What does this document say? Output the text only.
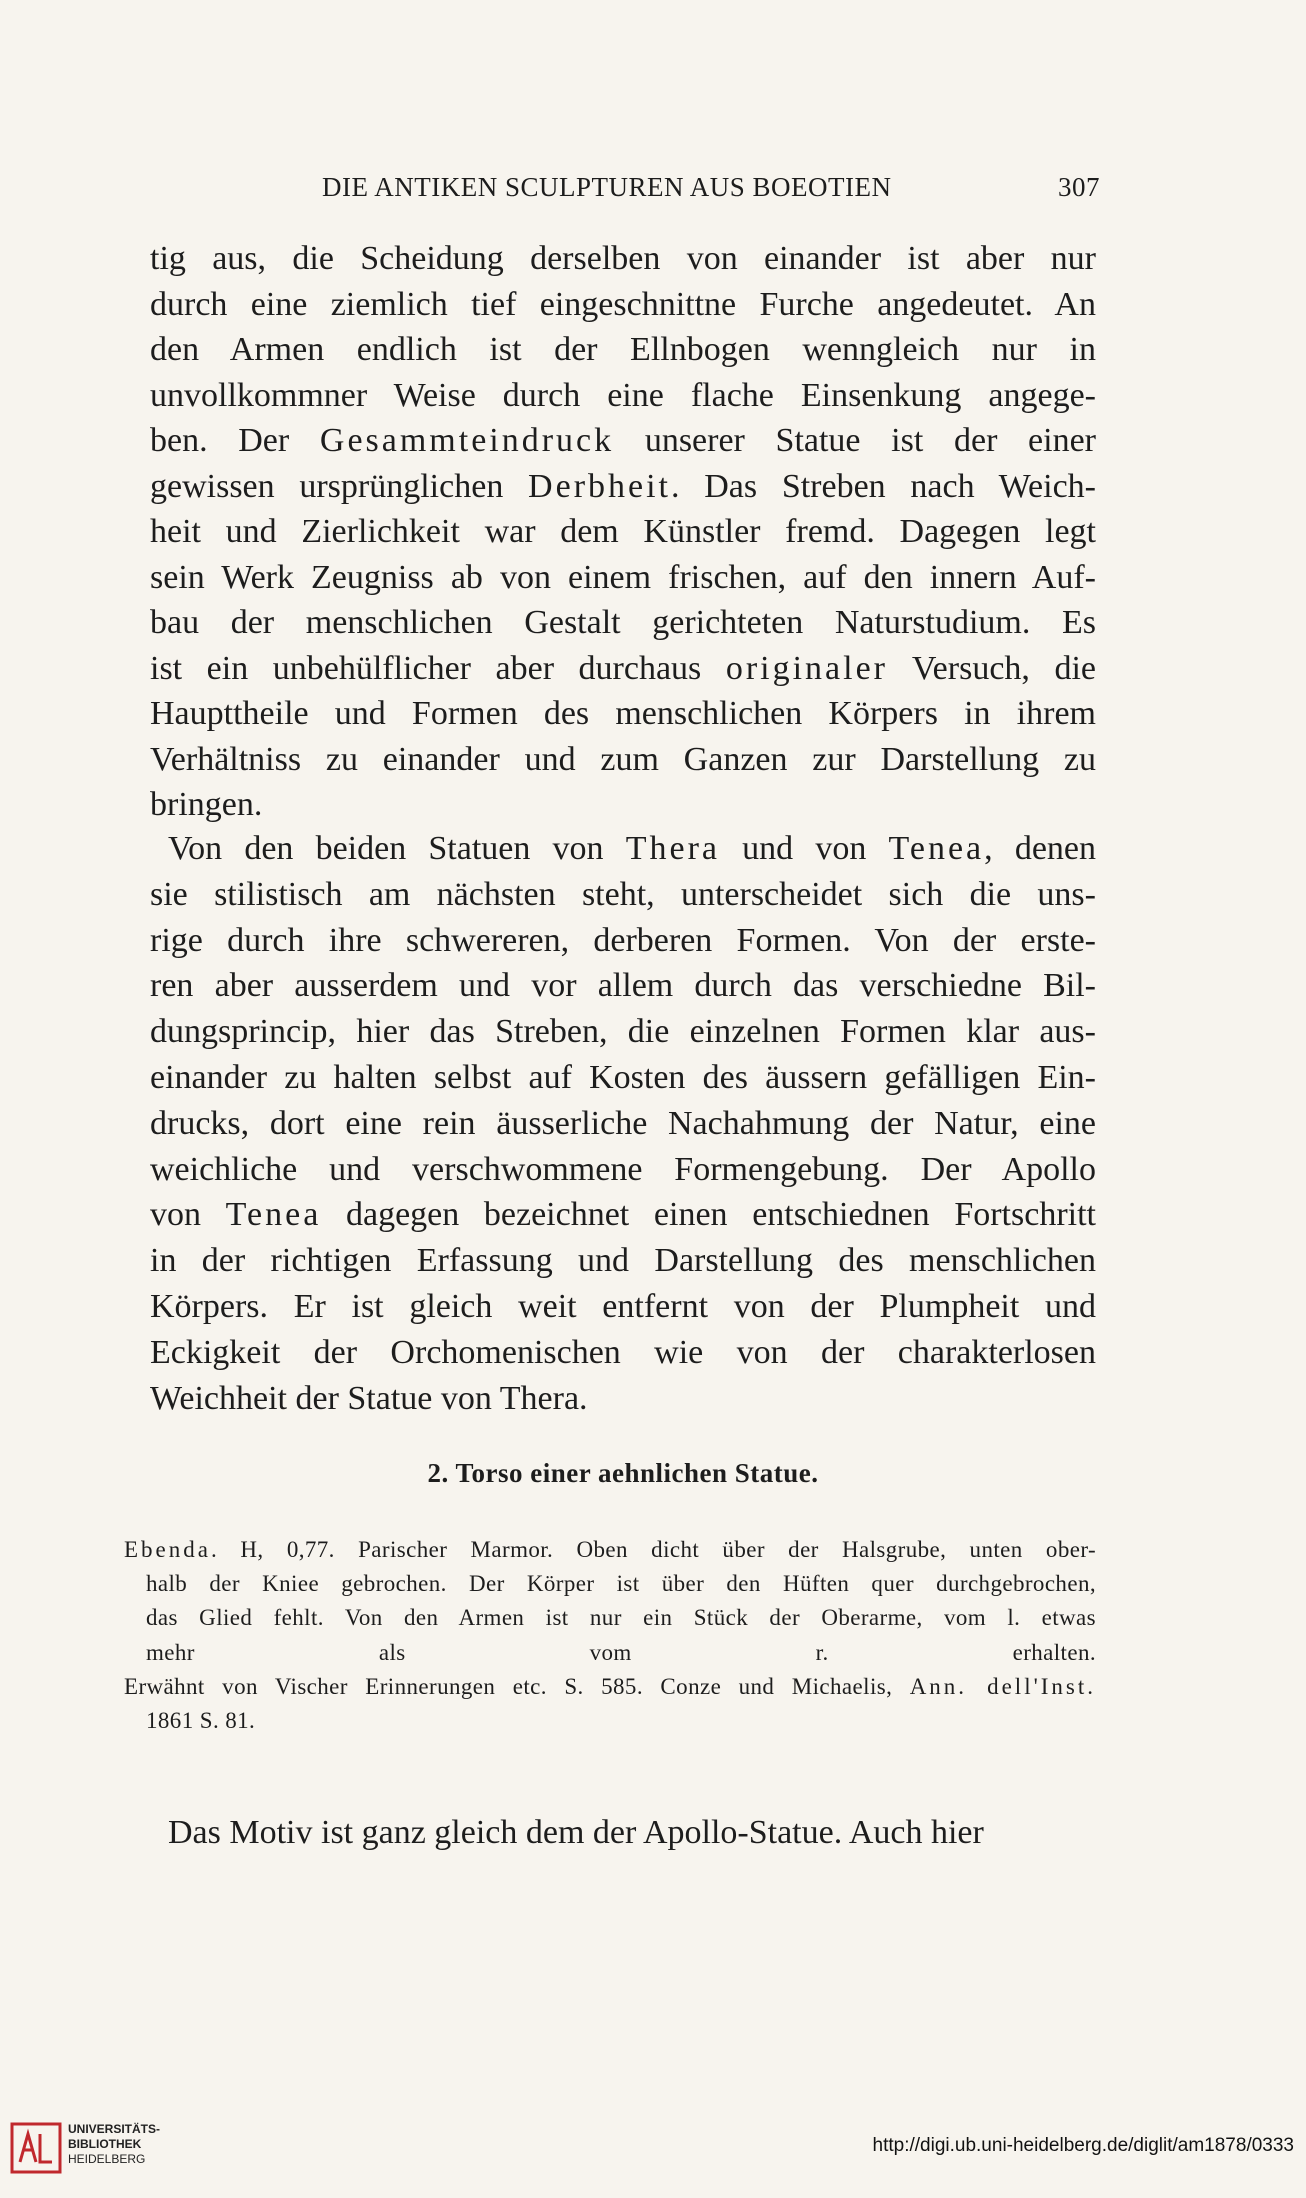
DIE ANTIKEN SCULPTUREN AUS BOEOTIEN	307
tig aus, die Scheidung derselben von einander ist aber nur
durch eine ziemlich tief eingeschnittne Furche angedeutet. An
den Armen endlich ist der Ellnbogen wenngleich nur in
unvollkommner Weise durch eine flache Einsenkung angege-
ben. Der Gesammteindruck unserer Statue ist der einer
gewissen ursprünglichen Derbheit. Das Streben nach Weich-
heit und Zierlichkeit war dem Künstler fremd. Dagegen legt
sein Werk Zeugniss ab von einem frischen, auf den innern Auf-
bau der menschlichen Gestalt gerichteten Naturstudium. Es
ist ein unbehülflicher aber durchaus originaler Versuch, die
Haupttheile und Formen des menschlichen Körpers in ihrem
Verhältniss zu einander und zum Ganzen zur Darstellung zu
bringen.
Von den beiden Statuen von Thera und von Tenea, denen
sie stilistisch am nächsten steht, unterscheidet sich die uns-
rige durch ihre schwereren, derberen Formen. Von der erste-
ren aber ausserdem und vor allem durch das verschiedne Bil-
dungsprincip, hier das Streben, die einzelnen Formen klar aus-
einander zu halten selbst auf Kosten des äussern gefälligen Ein-
drucks, dort eine rein äusserliche Nachahmung der Natur, eine
weichliche und verschwommene Formengebung. Der Apollo
von Tenea dagegen bezeichnet einen entschiednen Fortschritt
in der richtigen Erfassung und Darstellung des menschlichen
Körpers. Er ist gleich weit entfernt von der Plumpheit und
Eckigkeit der Orchomenischen wie von der charakterlosen
Weichheit der Statue von Thera.
2. Torso einer aehnlichen Statue.
Ebenda. H, 0,77. Parischer Marmor. Oben dicht über der Halsgrube, unten ober-
halb der Kniee gebrochen. Der Körper ist über den Hüften quer durchgebrochen,
das Glied fehlt. Von den Armen ist nur ein Stück der Oberarme, vom l. etwas
mehr als vom r. erhalten.
Erwähnt von Vischer Erinnerungen etc. S. 585. Conze und Michaelis, Ann. dell'Inst.
1861 S. 81.
Das Motiv ist ganz gleich dem der Apollo-Statue. Auch hier
UNIVERSITÄTS-
BIBLIOTHEK
HEIDELBERG
http://digi.ub.uni-heidelberg.de/diglit/am1878/0333
